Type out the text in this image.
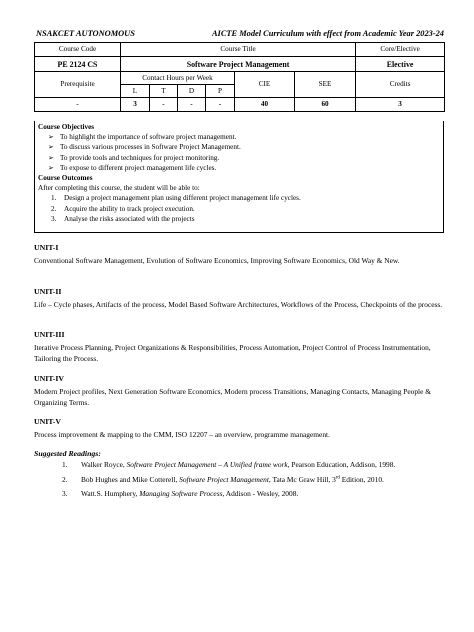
NSAKCET AUTONOMOUS	AICTE Model Curriculum with effect from Academic Year 2023-24
Course Code	Course Title						Core/Elective
PE 2124 CS	Software Project Management						Elective
Prerequisite	Contact Hours per Week				CIE	SEE	Credits
	L	T	D	P			
-	3	-	-	-	40	60	3
Course Objectives
➢ To highlight the importance of software project management.
➢ To discuss various processes in Software Project Management.
➢ To provide tools and techniques for project monitoring.
➢ To expose to different project management life cycles.
Course Outcomes
After completing this course, the student will be able to:
1. Design a project management plan using different project management life cycles.
2. Acquire the ability to track project execution.
3. Analyse the risks associated with the projects
UNIT-I
Conventional Software Management, Evolution of Software Economics, Improving Software Economics, Old Way & New.
UNIT-II
Life – Cycle phases, Artifacts of the process, Model Based Software Architectures, Workflows of the Process, Checkpoints of the process.
UNIT-III
Iterative Process Planning, Project Organizations & Responsibilities, Process Automation, Project Control of Process Instrumentation, Tailoring the Process.
UNIT-IV
Modern Project profiles, Next Generation Software Economics, Modern process Transitions, Managing Contacts, Managing People & Organizing Terms.
UNIT-V
Process improvement & mapping to the CMM, ISO 12207 – an overview, programme management.
Suggested Readings:
1. Walker Royce, Software Project Management – A Unified frame work, Pearson Education, Addison, 1998.
2. Bob Hughes and Mike Cotterell, Software Project Management, Tata Mc Graw Hill, 3rd Edition, 2010.
3. Watt.S. Humphery, Managing Software Process, Addison - Wesley, 2008.
